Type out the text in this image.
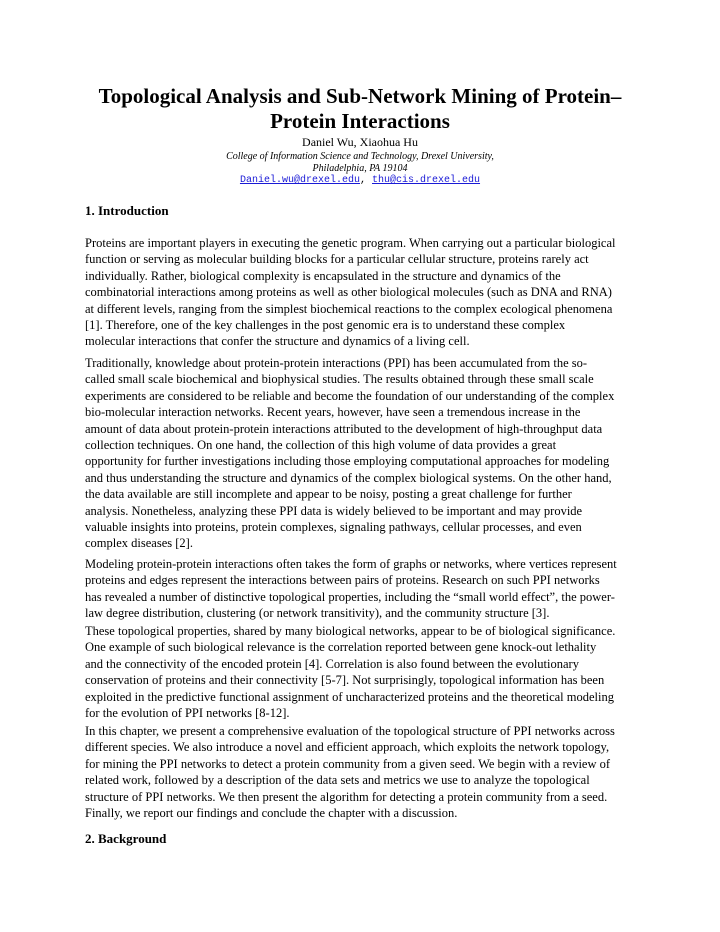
Topological Analysis and Sub-Network Mining of Protein–
Protein Interactions
Daniel Wu, Xiaohua Hu
College of Information Science and Technology, Drexel University,
Philadelphia, PA 19104
Daniel.wu@drexel.edu, thu@cis.drexel.edu
1. Introduction
Proteins are important players in executing the genetic program. When carrying out a particular biological
function or serving as molecular building blocks for a particular cellular structure, proteins rarely act
individually. Rather, biological complexity is encapsulated in the structure and dynamics of the
combinatorial interactions among proteins as well as other biological molecules (such as DNA and RNA)
at different levels, ranging from the simplest biochemical reactions to the complex ecological phenomena
[1]. Therefore, one of the key challenges in the post genomic era is to understand these complex
molecular interactions that confer the structure and dynamics of a living cell.
Traditionally, knowledge about protein-protein interactions (PPI) has been accumulated from the so-
called small scale biochemical and biophysical studies. The results obtained through these small scale
experiments are considered to be reliable and become the foundation of our understanding of the complex
bio-molecular interaction networks. Recent years, however, have seen a tremendous increase in the
amount of data about protein-protein interactions attributed to the development of high-throughput data
collection techniques. On one hand, the collection of this high volume of data provides a great
opportunity for further investigations including those employing computational approaches for modeling
and thus understanding the structure and dynamics of the complex biological systems. On the other hand,
the data available are still incomplete and appear to be noisy, posting a great challenge for further
analysis. Nonetheless, analyzing these PPI data is widely believed to be important and may provide
valuable insights into proteins, protein complexes, signaling pathways, cellular processes, and even
complex diseases [2].
Modeling protein-protein interactions often takes the form of graphs or networks, where vertices represent
proteins and edges represent the interactions between pairs of proteins. Research on such PPI networks
has revealed a number of distinctive topological properties, including the “small world effect”, the power-
law degree distribution, clustering (or network transitivity), and the community structure [3].
These topological properties, shared by many biological networks, appear to be of biological significance.
One example of such biological relevance is the correlation reported between gene knock-out lethality
and the connectivity of the encoded protein [4]. Correlation is also found between the evolutionary
conservation of proteins and their connectivity [5-7]. Not surprisingly, topological information has been
exploited in the predictive functional assignment of uncharacterized proteins and the theoretical modeling
for the evolution of PPI networks [8-12].
In this chapter, we present a comprehensive evaluation of the topological structure of PPI networks across
different species. We also introduce a novel and efficient approach, which exploits the network topology,
for mining the PPI networks to detect a protein community from a given seed. We begin with a review of
related work, followed by a description of the data sets and metrics we use to analyze the topological
structure of PPI networks. We then present the algorithm for detecting a protein community from a seed.
Finally, we report our findings and conclude the chapter with a discussion.
2. Background
